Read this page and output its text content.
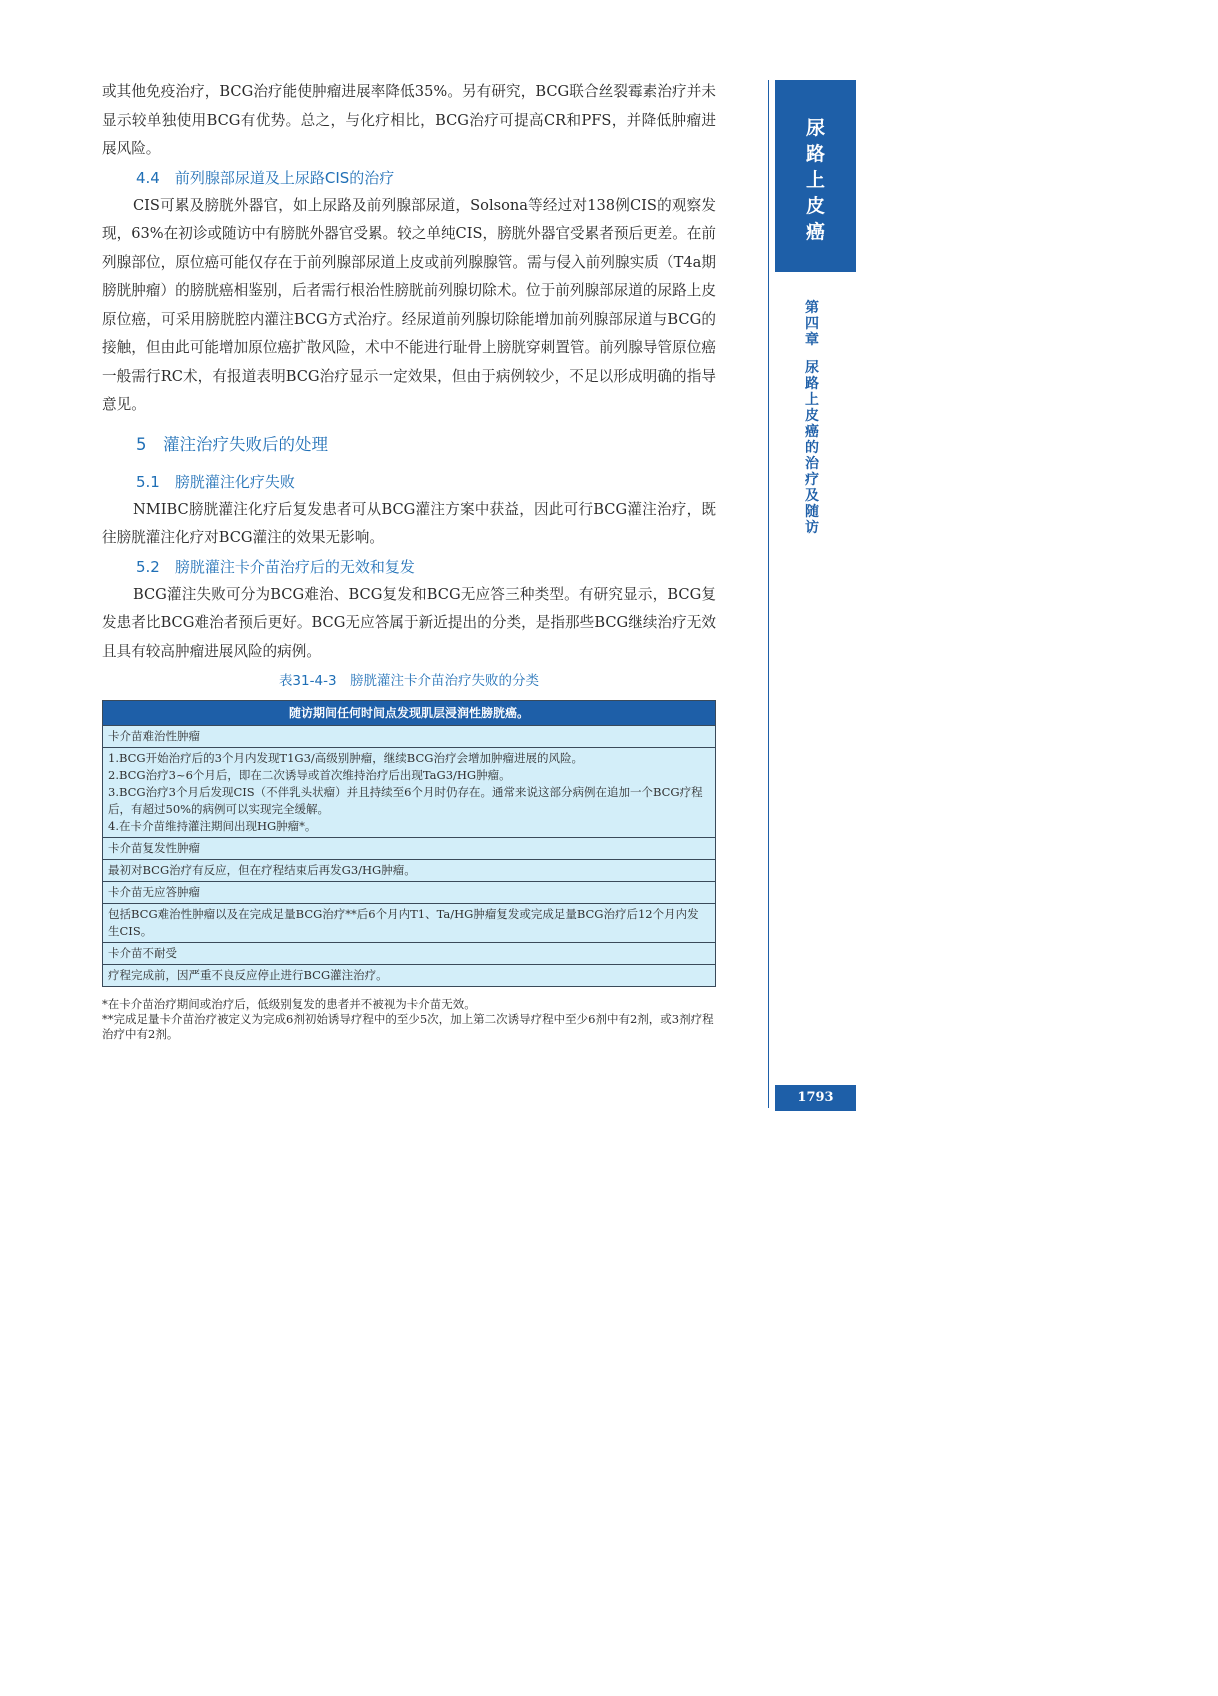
或其他免疫治疗，BCG治疗能使肿瘤进展率降低35%。另有研究，BCG联合丝裂霉素治疗并未显示较单独使用BCG有优势。总之，与化疗相比，BCG治疗可提高CR和PFS，并降低肿瘤进展风险。

4.4　前列腺部尿道及上尿路CIS的治疗

CIS可累及膀胱外器官，如上尿路及前列腺部尿道，Solsona等经过对138例CIS的观察发现，63%在初诊或随访中有膀胱外器官受累。较之单纯CIS，膀胱外器官受累者预后更差。在前列腺部位，原位癌可能仅存在于前列腺部尿道上皮或前列腺腺管。需与侵入前列腺实质（T4a期膀胱肿瘤）的膀胱癌相鉴别，后者需行根治性膀胱前列腺切除术。位于前列腺部尿道的尿路上皮原位癌，可采用膀胱腔内灌注BCG方式治疗。经尿道前列腺切除能增加前列腺部尿道与BCG的接触，但由此可能增加原位癌扩散风险，术中不能进行耻骨上膀胱穿刺置管。前列腺导管原位癌一般需行RC术，有报道表明BCG治疗显示一定效果，但由于病例较少，不足以形成明确的指导意见。

5　灌注治疗失败后的处理

5.1　膀胱灌注化疗失败

NMIBC膀胱灌注化疗后复发患者可从BCG灌注方案中获益，因此可行BCG灌注治疗，既往膀胱灌注化疗对BCG灌注的效果无影响。

5.2　膀胱灌注卡介苗治疗后的无效和复发

BCG灌注失败可分为BCG难治、BCG复发和BCG无应答三种类型。有研究显示，BCG复发患者比BCG难治者预后更好。BCG无应答属于新近提出的分类，是指那些BCG继续治疗无效且具有较高肿瘤进展风险的病例。

表31-4-3　膀胱灌注卡介苗治疗失败的分类
随访期间任何时间点发现肌层浸润性膀胱癌。
卡介苗难治性肿瘤

1.BCG开始治疗后的3个月内发现T1G3/高级别肿瘤，继续BCG治疗会增加肿瘤进展的风险。
2.BCG治疗3~6个月后，即在二次诱导或首次维持治疗后出现TaG3/HG肿瘤。
3.BCG治疗3个月后发现CIS（不伴乳头状瘤）并且持续至6个月时仍存在。通常来说这部分病例在追加一个BCG疗程后，有超过50%的病例可以实现完全缓解。
4.在卡介苗维持灌注期间出现HG肿瘤*。

卡介苗复发性肿瘤
最初对BCG治疗有反应，但在疗程结束后再发G3/HG肿瘤。
卡介苗无应答肿瘤
包括BCG难治性肿瘤以及在完成足量BCG治疗**后6个月内T1、Ta/HG肿瘤复发或完成足量BCG治疗后12个月内发生CIS。
卡介苗不耐受
疗程完成前，因严重不良反应停止进行BCG灌注治疗。
*在卡介苗治疗期间或治疗后，低级别复发的患者并不被视为卡介苗无效。
**完成足量卡介苗治疗被定义为完成6剂初始诱导疗程中的至少5次，加上第二次诱导疗程中至少6剂中有2剂，或3剂疗程治疗中有2剂。
尿
路
上
皮
癌
第
四
章
尿
路
上
皮
癌
的
治
疗
及
随
访
1793
